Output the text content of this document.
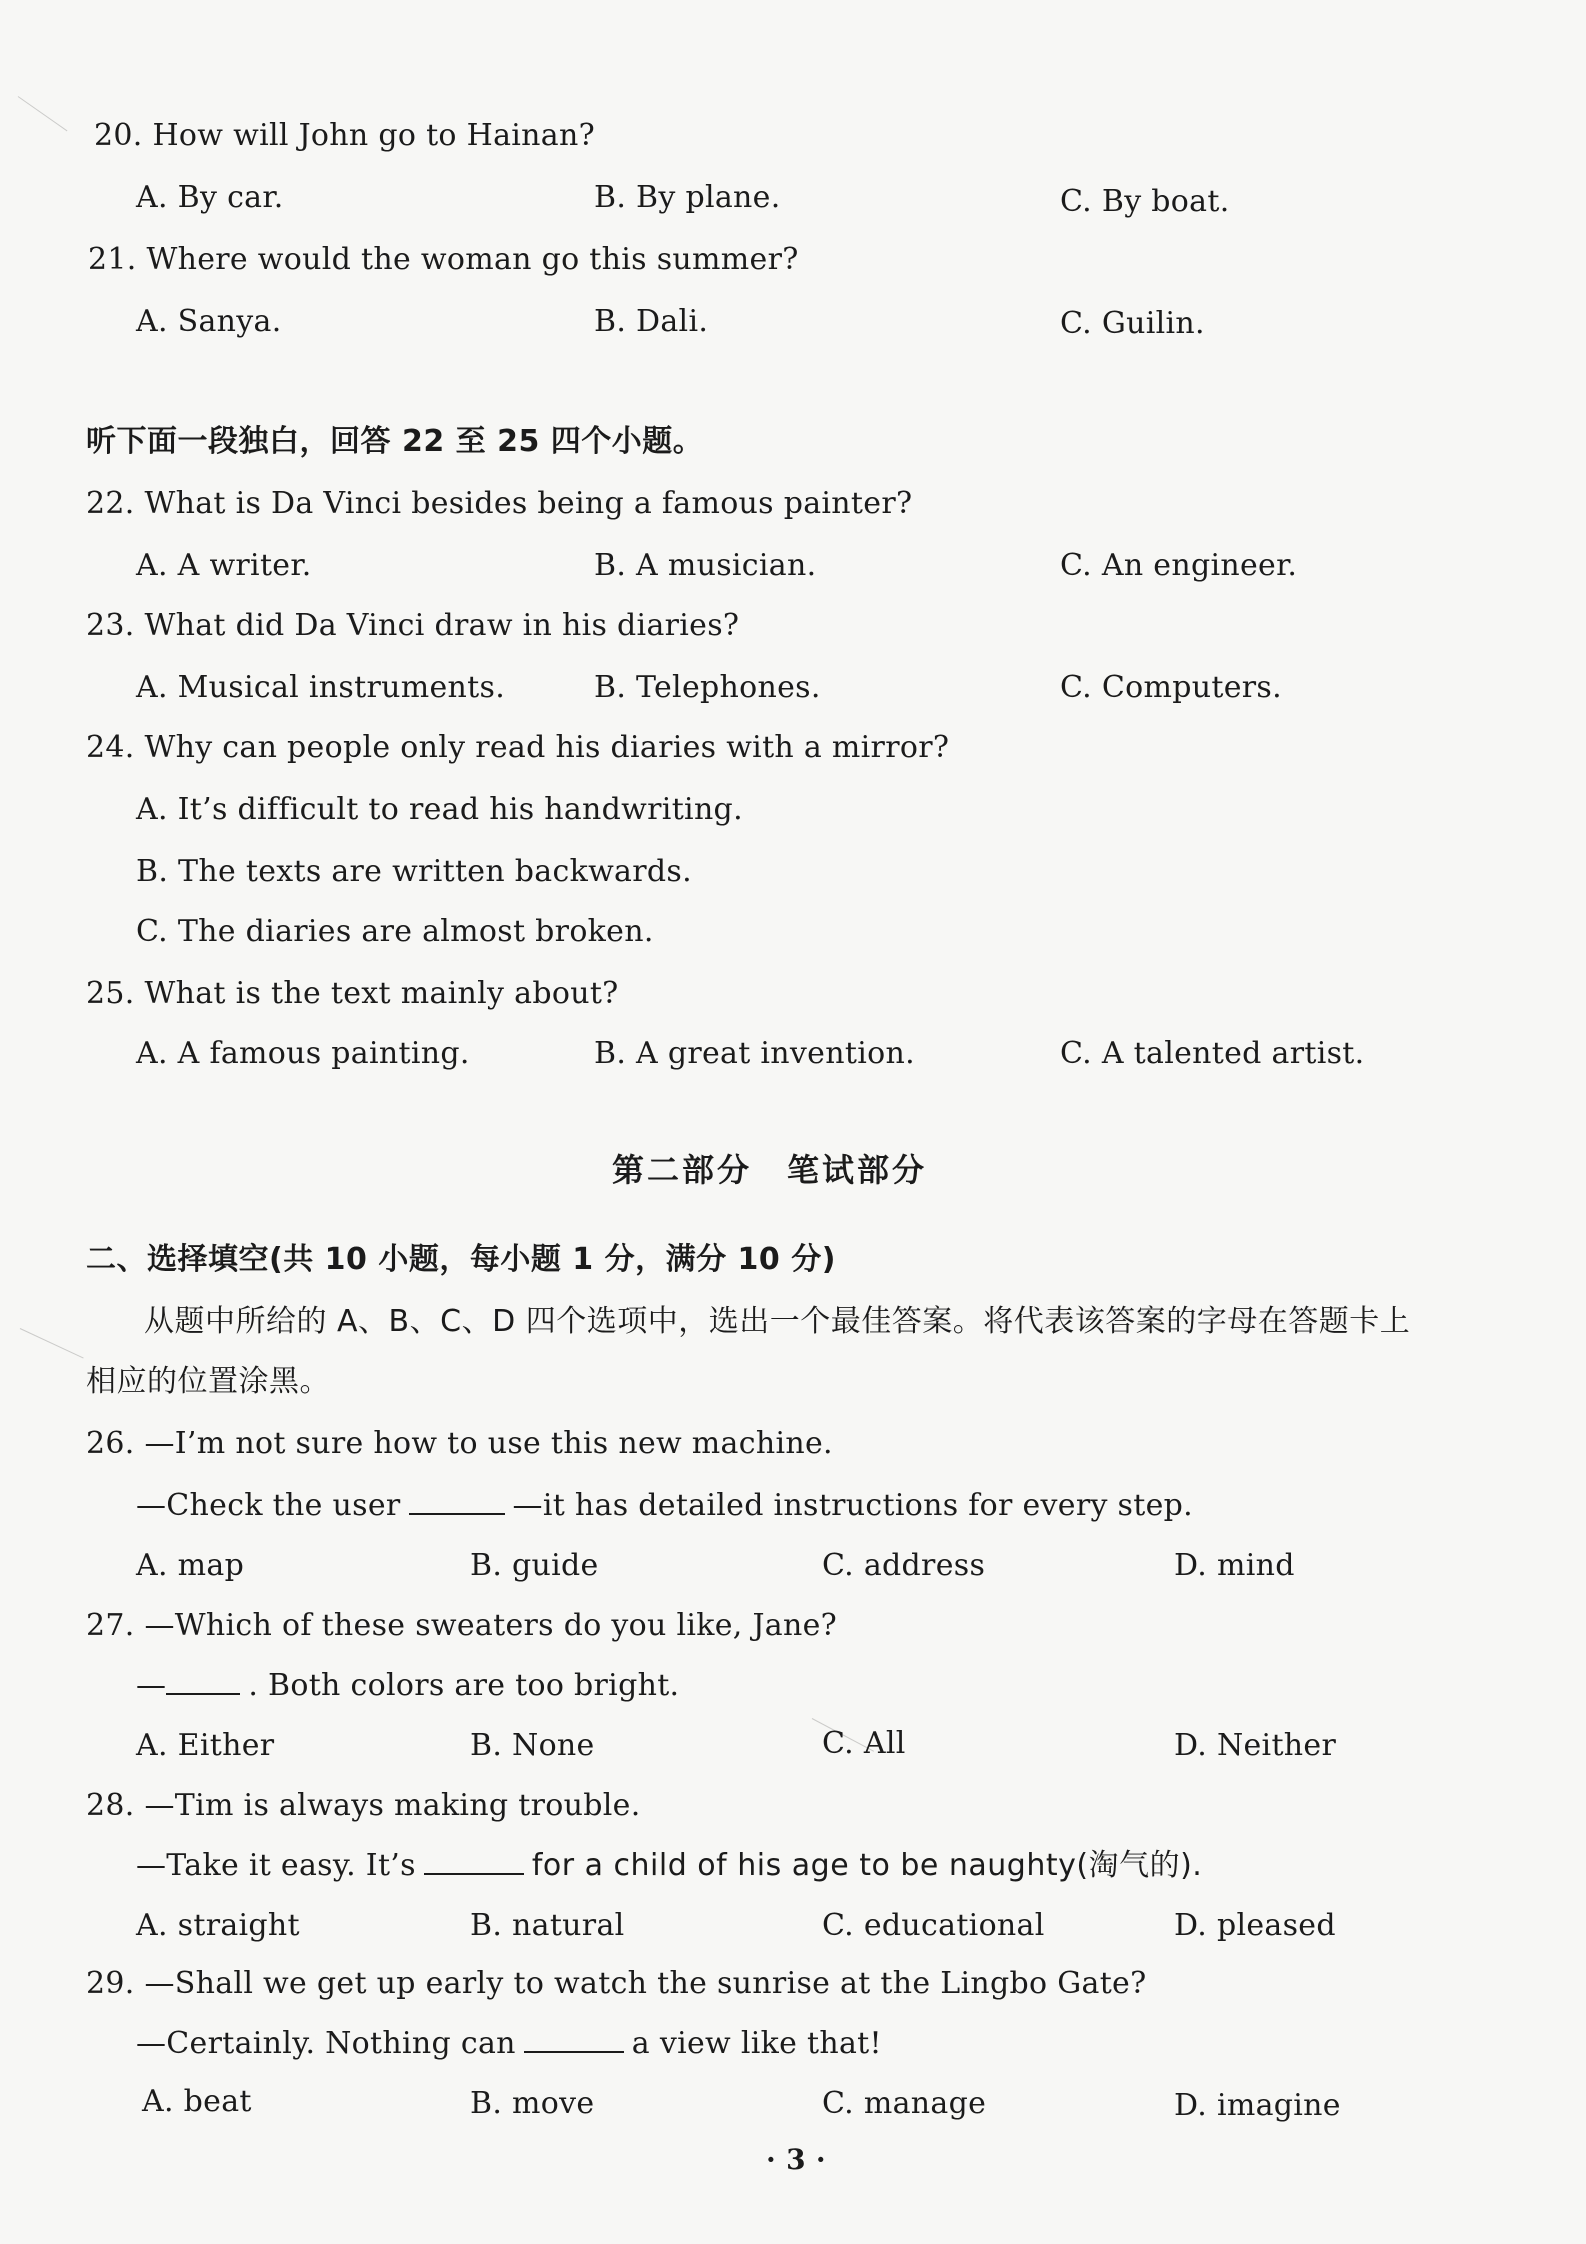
20. How will John go to Hainan?
A. By car.	B. By plane.	C. By boat.
21. Where would the woman go this summer?
A. Sanya.	B. Dali.	C. Guilin.
听下面一段独白，回答 22 至 25 四个小题。
22. What is Da Vinci besides being a famous painter?
A. A writer.	B. A musician.	C. An engineer.
23. What did Da Vinci draw in his diaries?
A. Musical instruments.	B. Telephones.	C. Computers.
24. Why can people only read his diaries with a mirror?
A. It’s difficult to read his handwriting.
B. The texts are written backwards.
C. The diaries are almost broken.
25. What is the text mainly about?
A. A famous painting.	B. A great invention.	C. A talented artist.
第二部分　笔试部分
二、选择填空(共 10 小题，每小题 1 分，满分 10 分)
从题中所给的 A、B、C、D 四个选项中，选出一个最佳答案。将代表该答案的字母在答题卡上
相应的位置涂黑。
26. —I’m not sure how to use this new machine.
—Check the user	—it has detailed instructions for every step.
A. map	B. guide	C. address	D. mind
27. —Which of these sweaters do you like, Jane?
—	. Both colors are too bright.
A. Either	B. None	C. All	D. Neither
28. —Tim is always making trouble.
—Take it easy. It’s	for a child of his age to be naughty(淘气的).
A. straight	B. natural	C. educational	D. pleased
29. —Shall we get up early to watch the sunrise at the Lingbo Gate?
—Certainly. Nothing can	a view like that!
A. beat	B. move	C. manage	D. imagine
· 3 ·
